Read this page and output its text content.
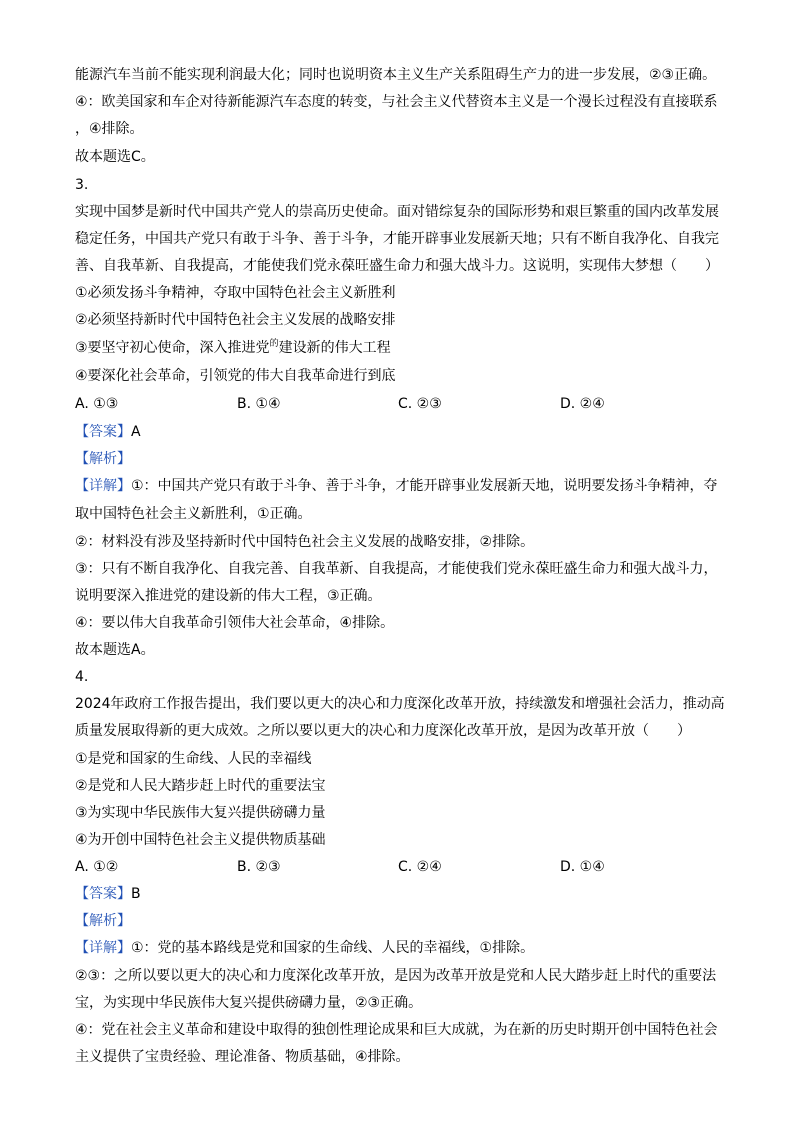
能源汽车当前不能实现利润最大化；同时也说明资本主义生产关系阻碍生产力的进一步发展，②③正确。
④：欧美国家和车企对待新能源汽车态度的转变，与社会主义代替资本主义是一个漫长过程没有直接联系
，④排除。
故本题选C。
3.
实现中国梦是新时代中国共产党人的崇高历史使命。面对错综复杂的国际形势和艰巨繁重的国内改革发展
稳定任务，中国共产党只有敢于斗争、善于斗争，才能开辟事业发展新天地；只有不断自我净化、自我完
善、自我革新、自我提高，才能使我们党永葆旺盛生命力和强大战斗力。这说明，实现伟大梦想（　　）
①必须发扬斗争精神，夺取中国特色社会主义新胜利
②必须坚持新时代中国特色社会主义发展的战略安排
③要坚守初心使命，深入推进党$^的$建设新的伟大工程
④要深化社会革命，引领党的伟大自我革命进行到底
A. ①③	B. ①④	C. ②③	D. ②④
【答案】A
【解析】
【详解】①：中国共产党只有敢于斗争、善于斗争，才能开辟事业发展新天地，说明要发扬斗争精神，夺
取中国特色社会主义新胜利，①正确。
②：材料没有涉及坚持新时代中国特色社会主义发展的战略安排，②排除。
③：只有不断自我净化、自我完善、自我革新、自我提高，才能使我们党永葆旺盛生命力和强大战斗力，
说明要深入推进党的建设新的伟大工程，③正确。
④：要以伟大自我革命引领伟大社会革命，④排除。
故本题选A。
4.
2024年政府工作报告提出，我们要以更大的决心和力度深化改革开放，持续激发和增强社会活力，推动高
质量发展取得新的更大成效。之所以要以更大的决心和力度深化改革开放，是因为改革开放（　　）
①是党和国家的生命线、人民的幸福线
②是党和人民大踏步赶上时代的重要法宝
③为实现中华民族伟大复兴提供磅礴力量
④为开创中国特色社会主义提供物质基础
A. ①②	B. ②③	C. ②④	D. ①④
【答案】B
【解析】
【详解】①：党的基本路线是党和国家的生命线、人民的幸福线，①排除。
②③：之所以要以更大的决心和力度深化改革开放，是因为改革开放是党和人民大踏步赶上时代的重要法
宝，为实现中华民族伟大复兴提供磅礴力量，②③正确。
④：党在社会主义革命和建设中取得的独创性理论成果和巨大成就，为在新的历史时期开创中国特色社会
主义提供了宝贵经验、理论准备、物质基础，④排除。
